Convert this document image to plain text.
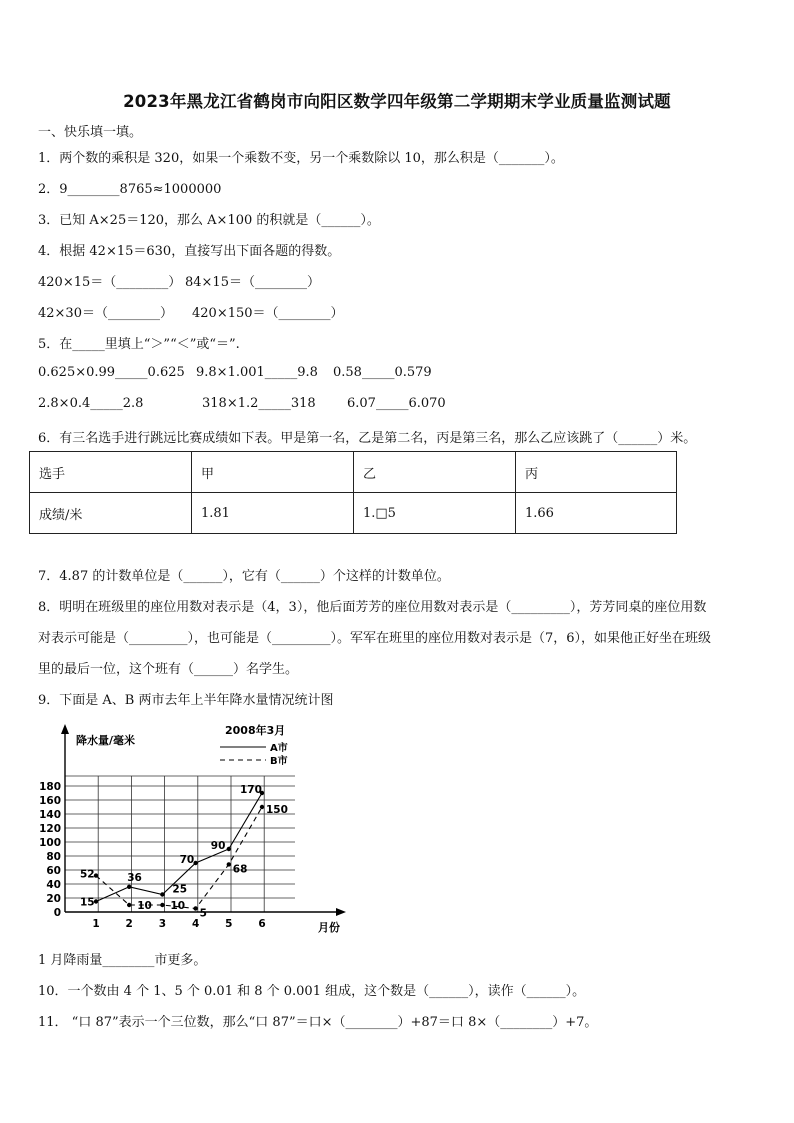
2023年黑龙江省鹤岗市向阳区数学四年级第二学期期末学业质量监测试题
一、快乐填一填。
1．两个数的乘积是 320，如果一个乘数不变，另一个乘数除以 10，那么积是（_______）。
2．9________8765≈1000000
3．已知 A×25＝120，那么 A×100 的积就是（______）。
4．根据 42×15＝630，直接写出下面各题的得数。
420×15＝（________） 84×15＝（________）
42×30＝（________） 420×150＝（________）
5．在_____里填上“＞”“＜”或“＝”.
0.625×0.99_____0.625 9.8×1.001_____9.8 0.58_____0.579
2.8×0.4_____2.8	318×1.2_____318 6.07_____6.070
6．有三名选手进行跳远比赛成绩如下表。甲是第一名，乙是第二名，丙是第三名，那么乙应该跳了（______）米。
选手	甲	乙	丙
成绩/米	1.81	1.□5	1.66
7．4.87 的计数单位是（______），它有（______）个这样的计数单位。
8．明明在班级里的座位用数对表示是（4，3），他后面芳芳的座位用数对表示是（_________），芳芳同桌的座位用数
对表示可能是（_________），也可能是（_________）。军军在班里的座位用数对表示是（7，6），如果他正好坐在班级
里的最后一位，这个班有（______）名学生。
9．下面是 A、B 两市去年上半年降水量情况统计图
降水量/毫米
2008年3月
月份
0
20
40
60
80
100
120
140
160
180
1 2 3 4 5 6
A市
B市
15
36
25
70
90
170
52
10 10
5
68
150
1 月降雨量________市更多。
10．一个数由 4 个 1、5 个 0.01 和 8 个 0.001 组成，这个数是（______），读作（______）。
11． “口 87”表示一个三位数，那么“口 87”＝口×（________）+87＝口 8×（________）+7。
